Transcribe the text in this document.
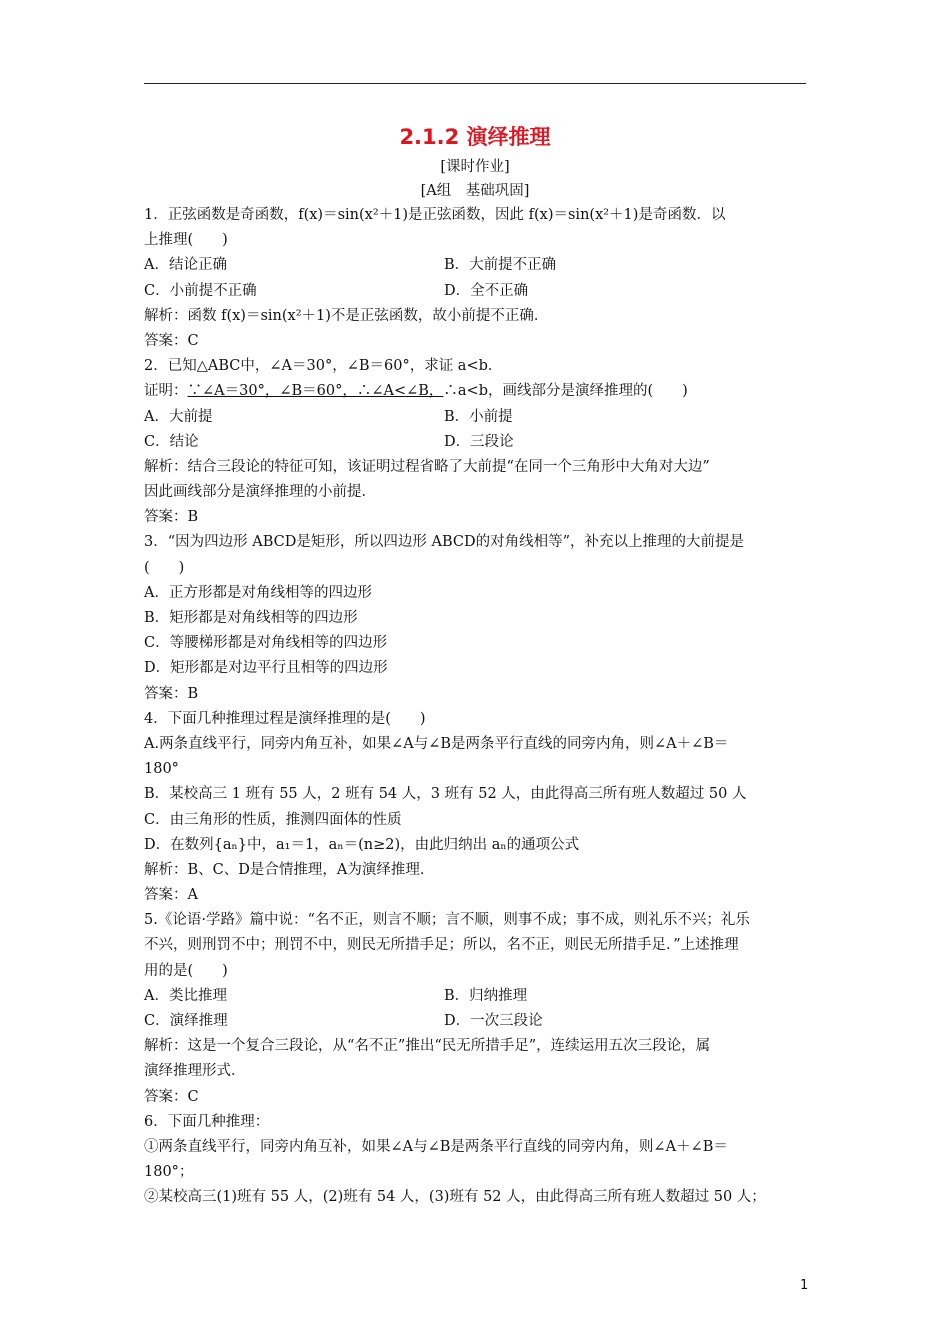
2.1.2 演绎推理
[课时作业]
[A组　基础巩固]
1．正弦函数是奇函数，f(x)＝sin(x²＋1)是正弦函数，因此 f(x)＝sin(x²＋1)是奇函数．以
上推理(　　)
A．结论正确	B．大前提不正确
C．小前提不正确	D．全不正确
解析：函数 f(x)＝sin(x²＋1)不是正弦函数，故小前提不正确．
答案：C
2．已知△ABC中，∠A＝30°，∠B＝60°，求证 a<b．
证明：∵∠A＝30°，∠B＝60°，∴∠A<∠B，∴a<b，画线部分是演绎推理的(　　)
A．大前提	B．小前提
C．结论	D．三段论
解析：结合三段论的特征可知，该证明过程省略了大前提“在同一个三角形中大角对大边”
因此画线部分是演绎推理的小前提．
答案：B
3．“因为四边形 ABCD是矩形，所以四边形 ABCD的对角线相等”，补充以上推理的大前提是
(　　)
A．正方形都是对角线相等的四边形
B．矩形都是对角线相等的四边形
C．等腰梯形都是对角线相等的四边形
D．矩形都是对边平行且相等的四边形
答案：B
4．下面几种推理过程是演绎推理的是(　　)
A.两条直线平行，同旁内角互补，如果∠A与∠B是两条平行直线的同旁内角，则∠A＋∠B＝
180°
B．某校高三 1 班有 55 人，2 班有 54 人，3 班有 52 人，由此得高三所有班人数超过 50 人
C．由三角形的性质，推测四面体的性质
D．在数列{aₙ}中，a₁＝1，aₙ＝(n≥2)，由此归纳出 aₙ的通项公式
解析：B、C、D是合情推理，A为演绎推理．
答案：A
5.《论语·学路》篇中说：“名不正，则言不顺；言不顺，则事不成；事不成，则礼乐不兴；礼乐
不兴，则刑罚不中；刑罚不中，则民无所措手足；所以，名不正，则民无所措手足．”上述推理
用的是(　　)
A．类比推理	B．归纳推理
C．演绎推理	D．一次三段论
解析：这是一个复合三段论，从“名不正”推出“民无所措手足”，连续运用五次三段论，属
演绎推理形式．
答案：C
6．下面几种推理：
①两条直线平行，同旁内角互补，如果∠A与∠B是两条平行直线的同旁内角，则∠A＋∠B＝
180°；
②某校高三(1)班有 55 人，(2)班有 54 人，(3)班有 52 人，由此得高三所有班人数超过 50 人；
1
